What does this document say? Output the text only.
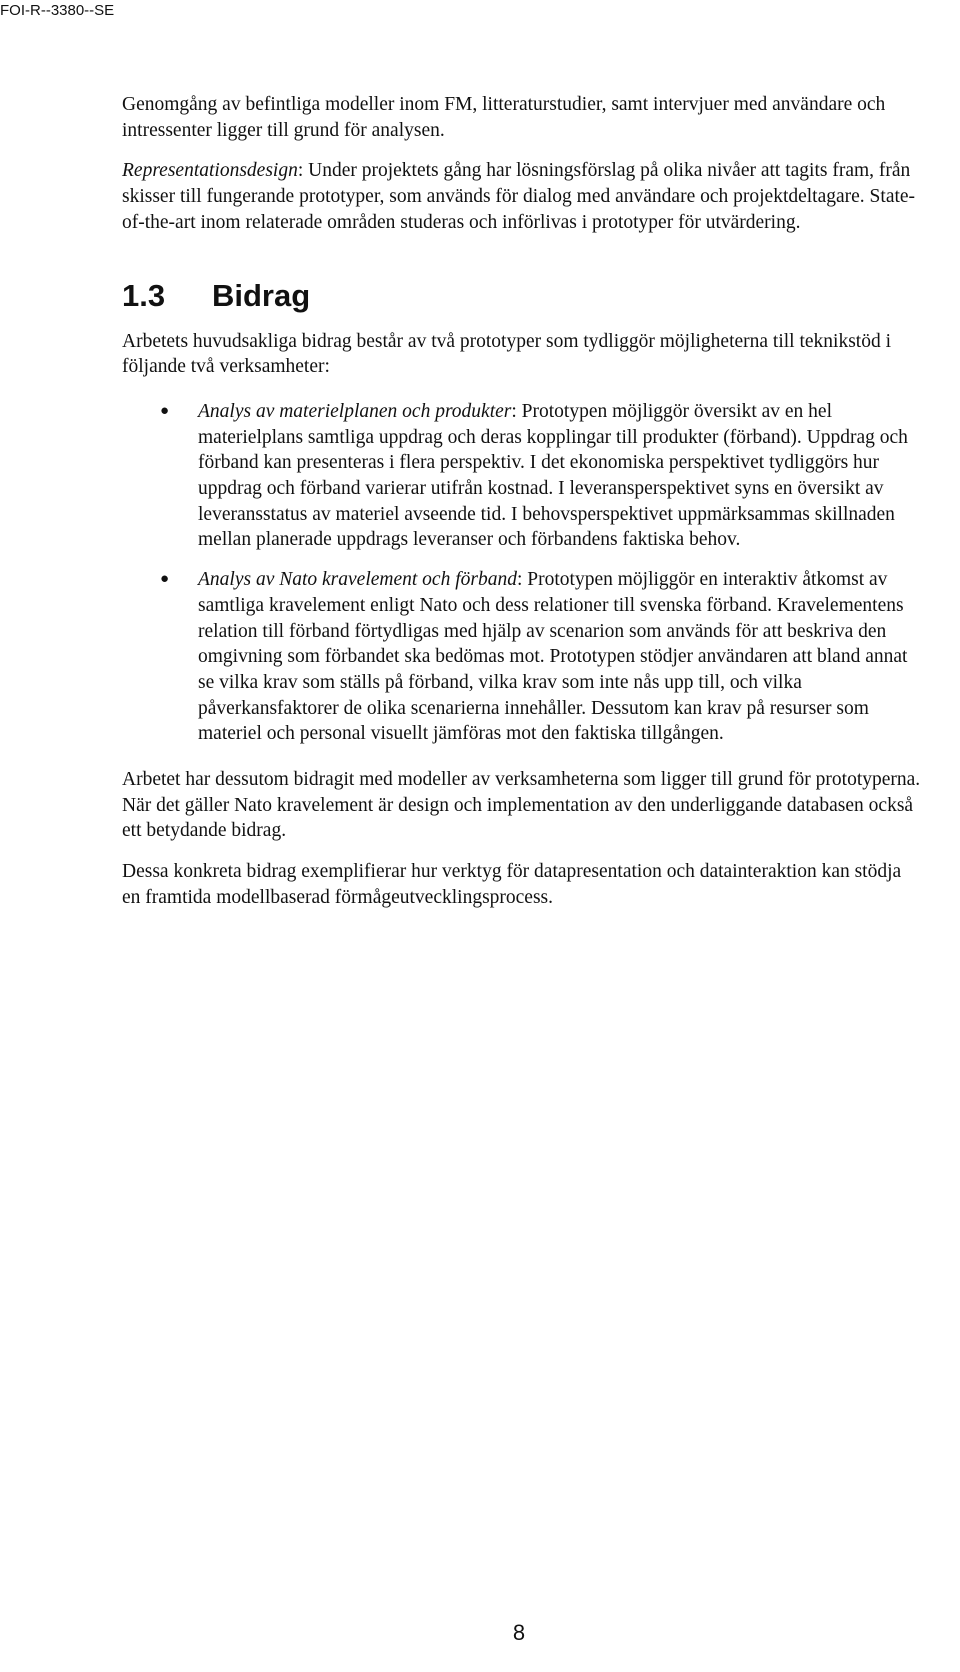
FOI-R--3380--SE

Genomgång av befintliga modeller inom FM, litteraturstudier, samt intervjuer med användare och intressenter ligger till grund för analysen.

Representationsdesign: Under projektets gång har lösningsförslag på olika nivåer att tagits fram, från skisser till fungerande prototyper, som används för dialog med användare och projektdeltagare. State-of-the-art inom relaterade områden studeras och införlivas i prototyper för utvärdering.

1.3	Bidrag

Arbetets huvudsakliga bidrag består av två prototyper som tydliggör möjligheterna till teknikstöd i följande två verksamheter:

● Analys av materielplanen och produkter: Prototypen möjliggör översikt av en hel materielplans samtliga uppdrag och deras kopplingar till produkter (förband). Uppdrag och förband kan presenteras i flera perspektiv. I det ekonomiska perspektivet tydliggörs hur uppdrag och förband varierar utifrån kostnad. I leveransperspektivet syns en översikt av leveransstatus av materiel avseende tid. I behovsperspektivet uppmärksammas skillnaden mellan planerade uppdrags leveranser och förbandens faktiska behov.
● Analys av Nato kravelement och förband: Prototypen möjliggör en interaktiv åtkomst av samtliga kravelement enligt Nato och dess relationer till svenska förband. Kravelementens relation till förband förtydligas med hjälp av scenarion som används för att beskriva den omgivning som förbandet ska bedömas mot. Prototypen stödjer användaren att bland annat se vilka krav som ställs på förband, vilka krav som inte nås upp till, och vilka påverkansfaktorer de olika scenarierna innehåller. Dessutom kan krav på resurser som materiel och personal visuellt jämföras mot den faktiska tillgången.

Arbetet har dessutom bidragit med modeller av verksamheterna som ligger till grund för prototyperna. När det gäller Nato kravelement är design och implementation av den underliggande databasen också ett betydande bidrag.

Dessa konkreta bidrag exemplifierar hur verktyg för datapresentation och datainteraktion kan stödja en framtida modellbaserad förmågeutvecklingsprocess.

8
